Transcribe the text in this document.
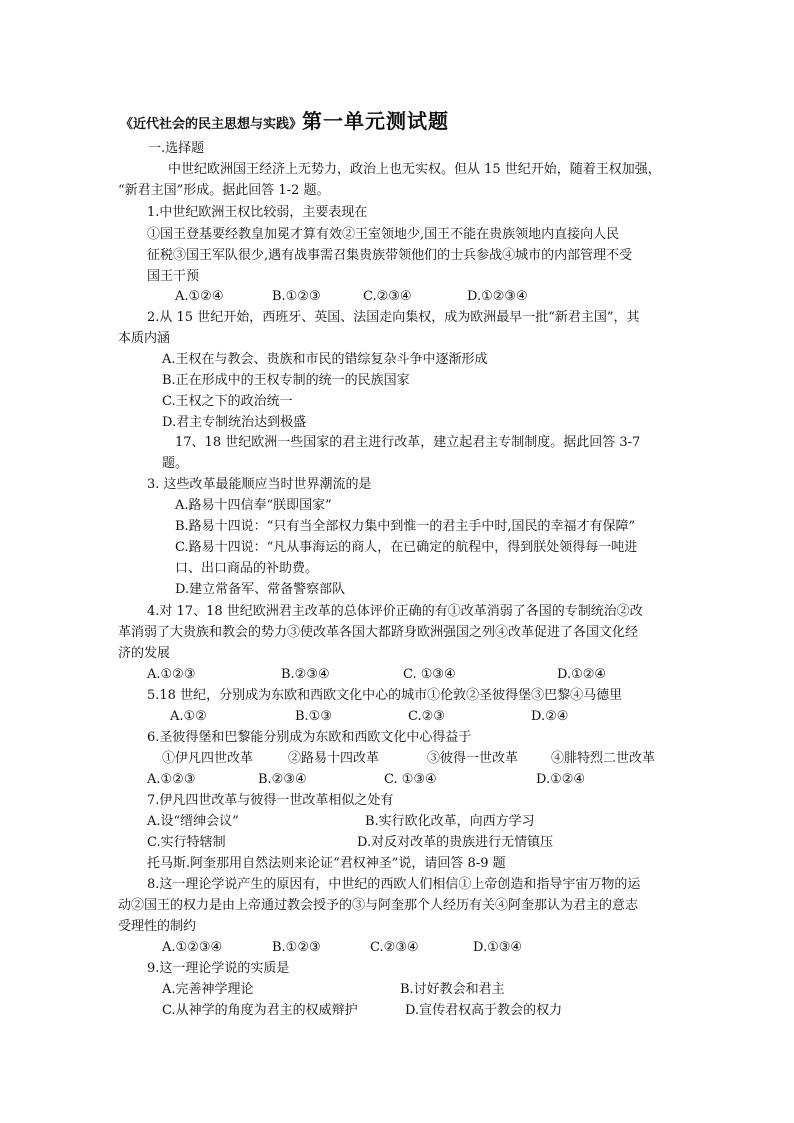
《近代社会的民主思想与实践》第一单元测试题
一.选择题
中世纪欧洲国王经济上无势力，政治上也无实权。但从 15 世纪开始，随着王权加强，
“新君主国”形成。据此回答 1-2 题。
1.中世纪欧洲王权比较弱，主要表现在
①国王登基要经教皇加冕才算有效②王室领地少,国王不能在贵族领地内直接向人民
征税③国王军队很少,遇有战事需召集贵族带领他们的士兵参战④城市的内部管理不受
国王干预
A.①②④	B.①②③	C.②③④	D.①②③④
2.从 15 世纪开始，西班牙、英国、法国走向集权，成为欧洲最早一批“新君主国”，其
本质内涵
A.王权在与教会、贵族和市民的错综复杂斗争中逐渐形成
B.正在形成中的王权专制的统一的民族国家
C.王权之下的政治统一
D.君主专制统治达到极盛
17、18 世纪欧洲一些国家的君主进行改革，建立起君主专制制度。据此回答 3-7
题。
3. 这些改革最能顺应当时世界潮流的是
A.路易十四信奉“朕即国家”
B.路易十四说：“只有当全部权力集中到惟一的君主手中时,国民的幸福才有保障”
C.路易十四说：“凡从事海运的商人，在已确定的航程中，得到朕处领得每一吨进
口、出口商品的补助费。
D.建立常备军、常备警察部队
4.对 17、18 世纪欧洲君主改革的总体评价正确的有①改革消弱了各国的专制统治②改
革消弱了大贵族和教会的势力③使改革各国大都跻身欧洲强国之列④改革促进了各国文化经
济的发展
A.①②③	B.②③④	C. ①③④	D.①②④
5.18 世纪，分别成为东欧和西欧文化中心的城市①伦敦②圣彼得堡③巴黎④马德里
A.①②	B.①③	C.②③	D.②④
6.圣彼得堡和巴黎能分别成为东欧和西欧文化中心得益于
①伊凡四世改革	②路易十四改革	③彼得一世改革	④腓特烈二世改革
A.①②③	B.②③④	C. ①③④	D.①②④
7.伊凡四世改革与彼得一世改革相似之处有
A.设“缙绅会议”	B.实行欧化改革，向西方学习
C.实行特辖制	D.对反对改革的贵族进行无情镇压
托马斯.阿奎那用自然法则来论证“君权神圣”说，请回答 8-9 题
8.这一理论学说产生的原因有，中世纪的西欧人们相信①上帝创造和指导宇宙万物的运
动②国王的权力是由上帝通过教会授予的③与阿奎那个人经历有关④阿奎那认为君主的意志
受理性的制约
A.①②③④	B.①②③	C.②③④	D.①③④
9.这一理论学说的实质是
A.完善神学理论	B.讨好教会和君主
C.从神学的角度为君主的权威辩护	D.宣传君权高于教会的权力
